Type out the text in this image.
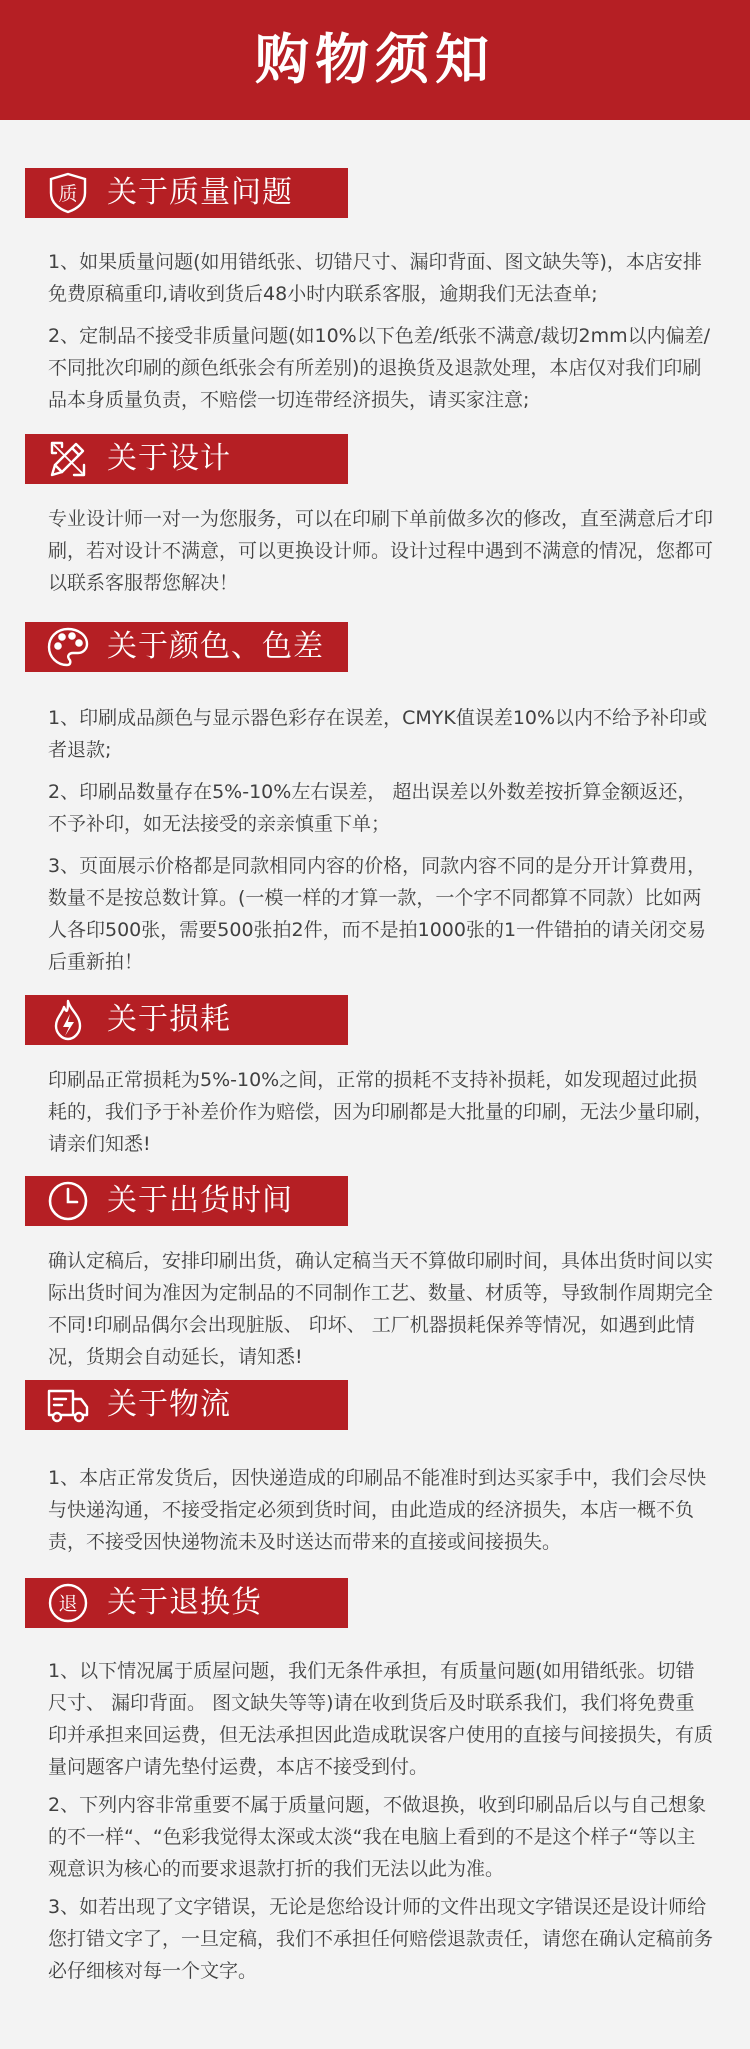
购物须知
质 关于质量问题

1、如果质量问题(如用错纸张、切错尺寸、漏印背面、图文缺失等)，本店安排免费原稿重印,请收到货后48小时内联系客服，逾期我们无法查单;

2、定制品不接受非质量问题(如10%以下色差/纸张不满意/裁切2mm以内偏差/不同批次印刷的颜色纸张会有所差别)的退换货及退款处理，本店仅对我们印刷品本身质量负责，不赔偿一切连带经济损失，请买家注意;

关于设计

专业设计师一对一为您服务，可以在印刷下单前做多次的修改，直至满意后才印刷，若对设计不满意，可以更换设计师。设计过程中遇到不满意的情况，您都可以联系客服帮您解决！

关于颜色、色差

1、印刷成品颜色与显示器色彩存在误差，CMYK值误差10%以内不给予补印或者退款;

2、印刷品数量存在5%-10%左右误差， 超出误差以外数差按折算金额返还，不予补印，如无法接受的亲亲慎重下单；

3、页面展示价格都是同款相同内容的价格，同款内容不同的是分开计算费用，数量不是按总数计算。(一模一样的才算一款，一个字不同都算不同款）比如两人各印500张，需要500张拍2件，而不是拍1000张的1一件错拍的请关闭交易后重新拍！

关于损耗

印刷品正常损耗为5%-10%之间，正常的损耗不支持补损耗，如发现超过此损耗的，我们予于补差价作为赔偿，因为印刷都是大批量的印刷，无法少量印刷，请亲们知悉!

关于出货时间

确认定稿后，安排印刷出货，确认定稿当天不算做印刷时间，具体出货时间以实际出货时间为准因为定制品的不同制作工艺、数量、材质等，导致制作周期完全不同!印刷品偶尔会出现脏版、 印坏、 工厂机器损耗保养等情况，如遇到此情况，货期会自动延长，请知悉!

关于物流

1、本店正常发货后，因快递造成的印刷品不能准时到达买家手中，我们会尽快与快递沟通，不接受指定必须到货时间，由此造成的经济损失，本店一概不负责，不接受因快递物流未及时送达而带来的直接或间接损失。

退 关于退换货

1、以下情况属于质屋问题，我们无条件承担，有质量问题(如用错纸张。切错尺寸、 漏印背面。 图文缺失等等)请在收到货后及时联系我们，我们将免费重印并承担来回运费，但无法承担因此造成耽误客户使用的直接与间接损失，有质量问题客户请先垫付运费，本店不接受到付。

2、下列内容非常重要不属于质量问题，不做退换，收到印刷品后以与自己想象的不一样“、“色彩我觉得太深或太淡“我在电脑上看到的不是这个样子“等以主观意识为核心的而要求退款打折的我们无法以此为准。

3、如若出现了文字错误，无论是您给设计师的文件出现文字错误还是设计师给您打错文字了，一旦定稿，我们不承担任何赔偿退款责任，请您在确认定稿前务必仔细核对每一个文字。
